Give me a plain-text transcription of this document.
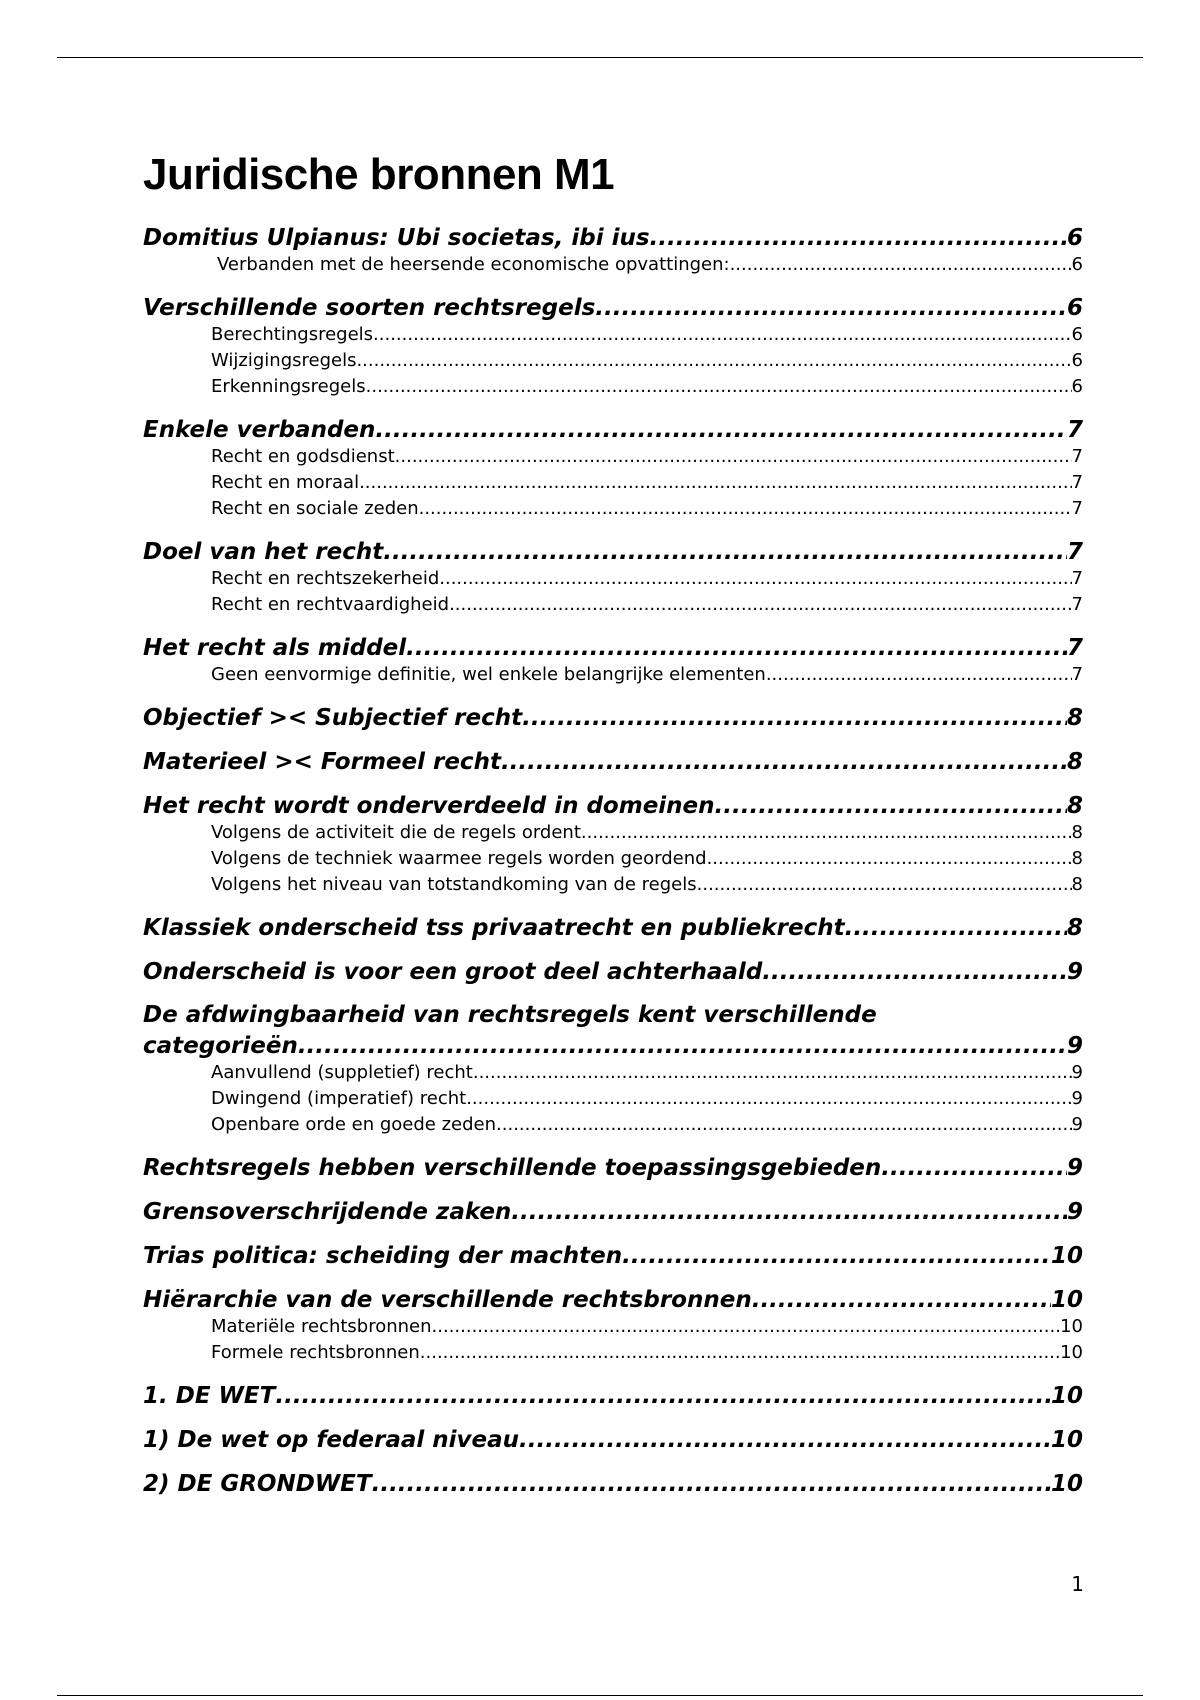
Juridische bronnen M1
Domitius Ulpianus: Ubi societas, ibi ius .....	6
Verbanden met de heersende economische opvattingen: .....	6
Verschillende soorten rechtsregels .....	6
Berechtingsregels .....	6
Wijzigingsregels .....	6
Erkenningsregels .....	6
Enkele verbanden .....	7
Recht en godsdienst .....	7
Recht en moraal .....	7
Recht en sociale zeden .....	7
Doel van het recht .....	7
Recht en rechtszekerheid .....	7
Recht en rechtvaardigheid .....	7
Het recht als middel .....	7
Geen eenvormige definitie, wel enkele belangrijke elementen .....	7
Objectief >< Subjectief recht .....	8
Materieel >< Formeel recht .....	8
Het recht wordt onderverdeeld in domeinen .....	8
Volgens de activiteit die de regels ordent .....	8
Volgens de techniek waarmee regels worden geordend .....	8
Volgens het niveau van totstandkoming van de regels .....	8
Klassiek onderscheid tss privaatrecht en publiekrecht .....	8
Onderscheid is voor een groot deel achterhaald .....	9
De afdwingbaarheid van rechtsregels kent verschillende
categorieën .....	9
Aanvullend (suppletief) recht .....	9
Dwingend (imperatief) recht .....	9
Openbare orde en goede zeden .....	9
Rechtsregels hebben verschillende toepassingsgebieden .....	9
Grensoverschrijdende zaken .....	9
Trias politica: scheiding der machten .....	10
Hiërarchie van de verschillende rechtsbronnen .....	10
Materiële rechtsbronnen .....	10
Formele rechtsbronnen .....	10
1. DE WET .....	10
1) De wet op federaal niveau .....	10
2) DE GRONDWET .....	10
1
